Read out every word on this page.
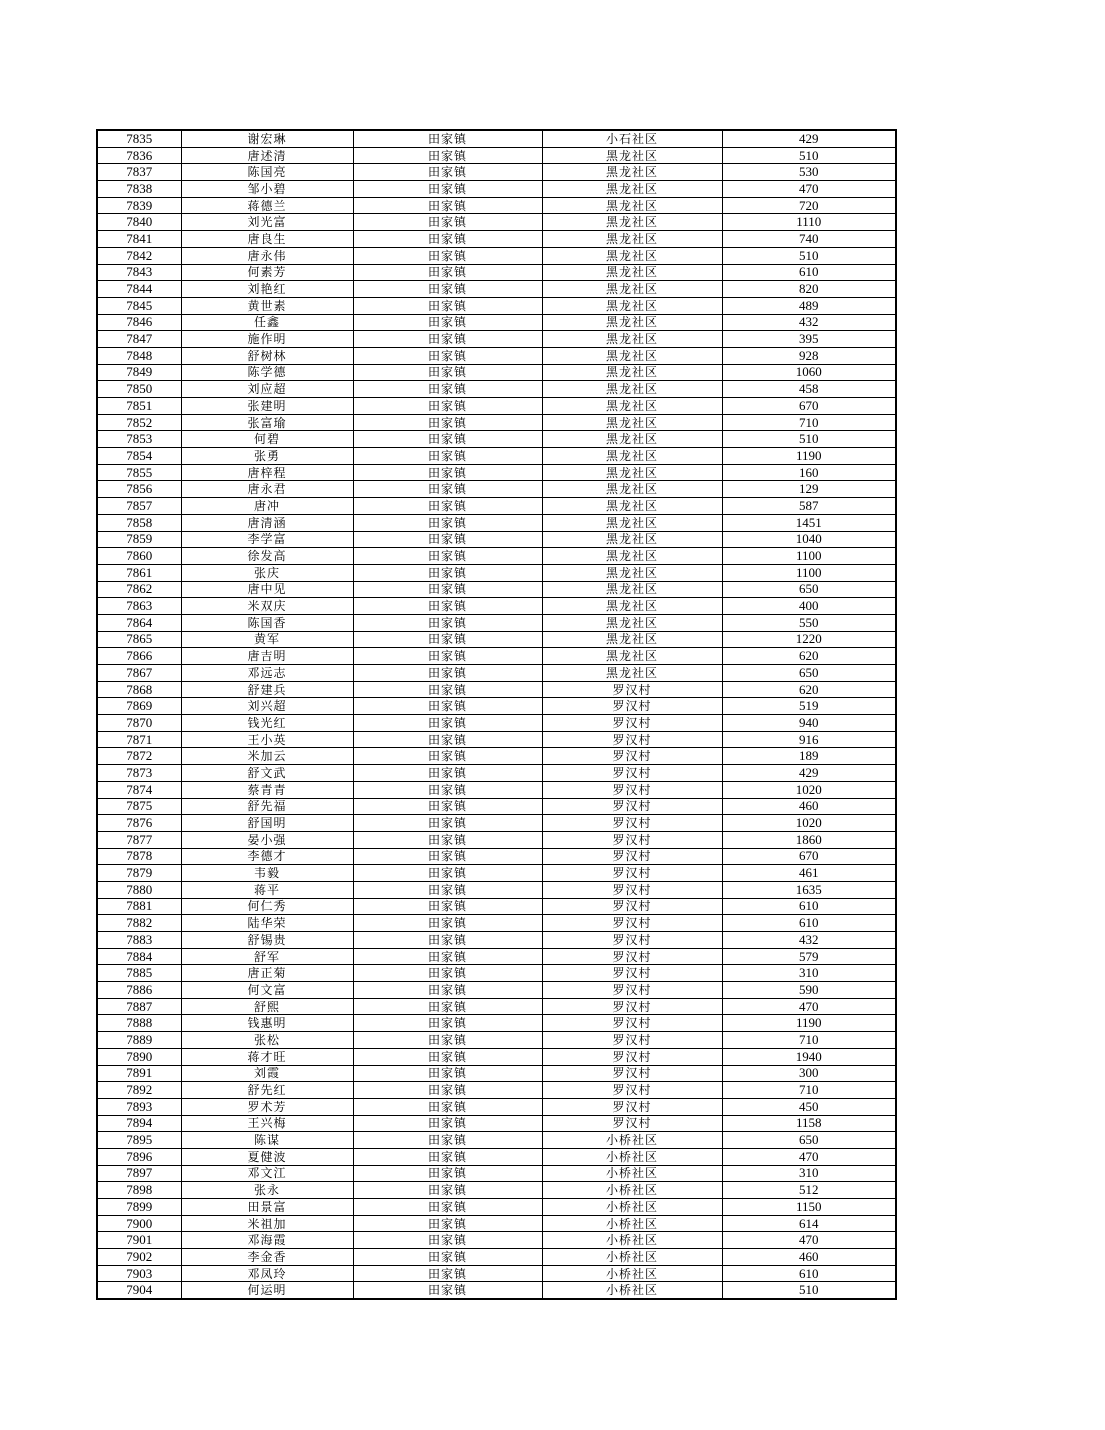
7835	谢宏琳	田家镇	小石社区	429
7836	唐述清	田家镇	黑龙社区	510
7837	陈国亮	田家镇	黑龙社区	530
7838	邹小碧	田家镇	黑龙社区	470
7839	蒋德兰	田家镇	黑龙社区	720
7840	刘光富	田家镇	黑龙社区	1110
7841	唐良生	田家镇	黑龙社区	740
7842	唐永伟	田家镇	黑龙社区	510
7843	何素芳	田家镇	黑龙社区	610
7844	刘艳红	田家镇	黑龙社区	820
7845	黄世素	田家镇	黑龙社区	489
7846	任鑫	田家镇	黑龙社区	432
7847	施作明	田家镇	黑龙社区	395
7848	舒树林	田家镇	黑龙社区	928
7849	陈学德	田家镇	黑龙社区	1060
7850	刘应超	田家镇	黑龙社区	458
7851	张建明	田家镇	黑龙社区	670
7852	张富瑜	田家镇	黑龙社区	710
7853	何碧	田家镇	黑龙社区	510
7854	张勇	田家镇	黑龙社区	1190
7855	唐梓程	田家镇	黑龙社区	160
7856	唐永君	田家镇	黑龙社区	129
7857	唐冲	田家镇	黑龙社区	587
7858	唐清涵	田家镇	黑龙社区	1451
7859	李学富	田家镇	黑龙社区	1040
7860	徐发高	田家镇	黑龙社区	1100
7861	张庆	田家镇	黑龙社区	1100
7862	唐中见	田家镇	黑龙社区	650
7863	米双庆	田家镇	黑龙社区	400
7864	陈国香	田家镇	黑龙社区	550
7865	黄军	田家镇	黑龙社区	1220
7866	唐吉明	田家镇	黑龙社区	620
7867	邓远志	田家镇	黑龙社区	650
7868	舒建兵	田家镇	罗汉村	620
7869	刘兴超	田家镇	罗汉村	519
7870	钱光红	田家镇	罗汉村	940
7871	王小英	田家镇	罗汉村	916
7872	米加云	田家镇	罗汉村	189
7873	舒文武	田家镇	罗汉村	429
7874	蔡青青	田家镇	罗汉村	1020
7875	舒先福	田家镇	罗汉村	460
7876	舒国明	田家镇	罗汉村	1020
7877	晏小强	田家镇	罗汉村	1860
7878	李德才	田家镇	罗汉村	670
7879	韦毅	田家镇	罗汉村	461
7880	蒋平	田家镇	罗汉村	1635
7881	何仁秀	田家镇	罗汉村	610
7882	陆华荣	田家镇	罗汉村	610
7883	舒锡贵	田家镇	罗汉村	432
7884	舒军	田家镇	罗汉村	579
7885	唐正菊	田家镇	罗汉村	310
7886	何文富	田家镇	罗汉村	590
7887	舒熙	田家镇	罗汉村	470
7888	钱惠明	田家镇	罗汉村	1190
7889	张松	田家镇	罗汉村	710
7890	蒋才旺	田家镇	罗汉村	1940
7891	刘霞	田家镇	罗汉村	300
7892	舒先红	田家镇	罗汉村	710
7893	罗术芳	田家镇	罗汉村	450
7894	王兴梅	田家镇	罗汉村	1158
7895	陈谋	田家镇	小桥社区	650
7896	夏健波	田家镇	小桥社区	470
7897	邓文江	田家镇	小桥社区	310
7898	张永	田家镇	小桥社区	512
7899	田景富	田家镇	小桥社区	1150
7900	米祖加	田家镇	小桥社区	614
7901	邓海霞	田家镇	小桥社区	470
7902	李金香	田家镇	小桥社区	460
7903	邓凤玲	田家镇	小桥社区	610
7904	何运明	田家镇	小桥社区	510
